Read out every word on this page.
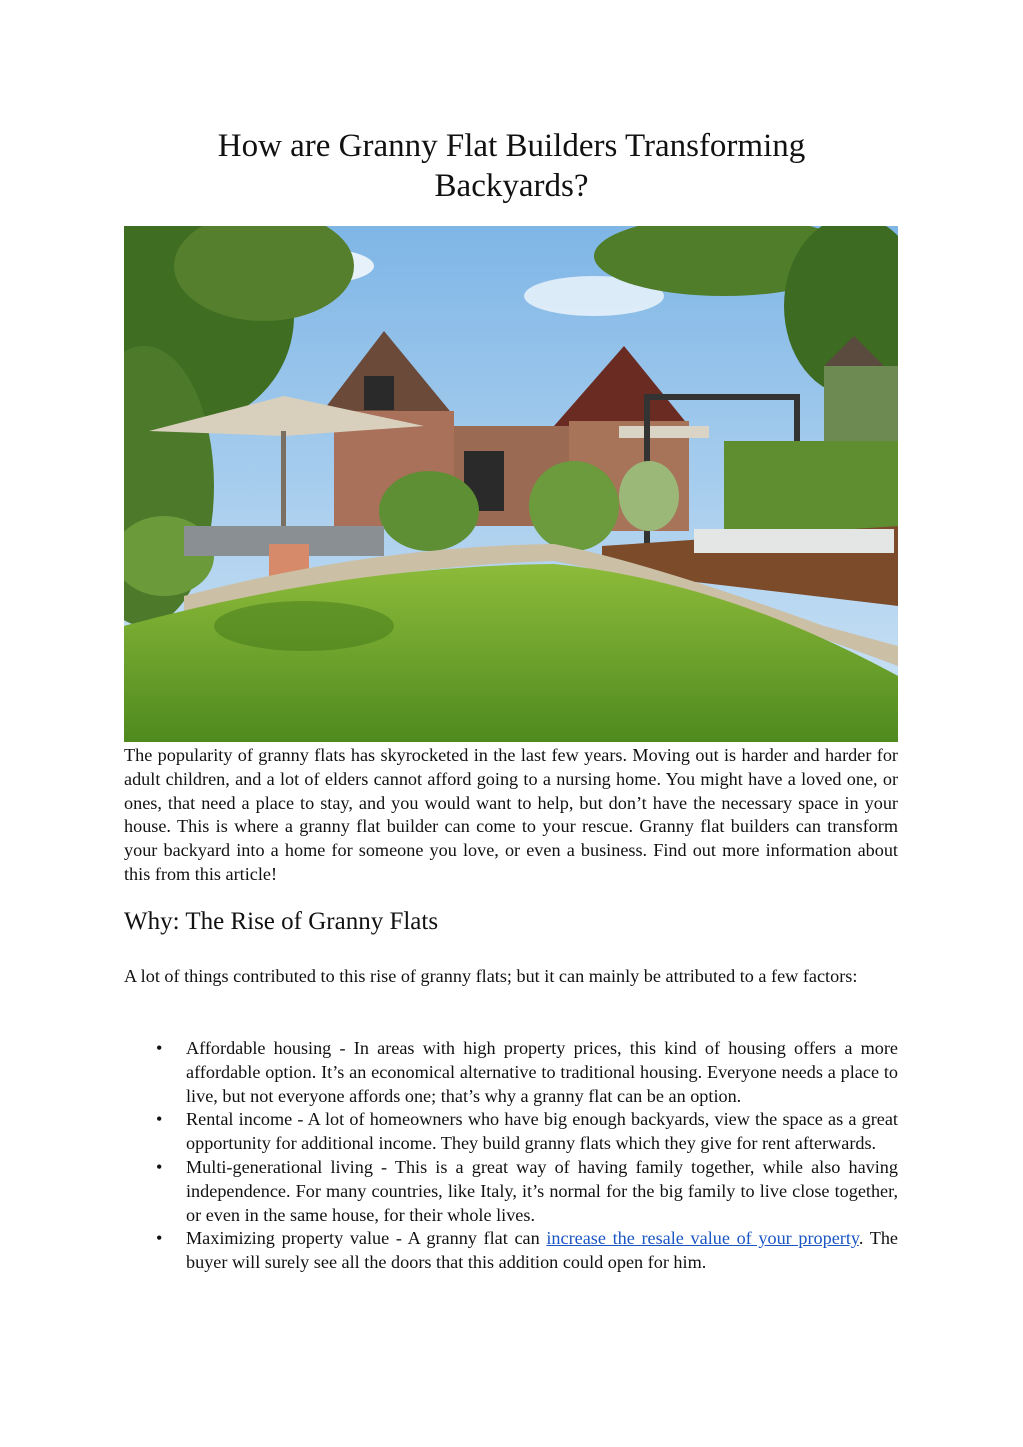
How are Granny Flat Builders Transforming Backyards?

The popularity of granny flats has skyrocketed in the last few years. Moving out is harder and harder for adult children, and a lot of elders cannot afford going to a nursing home. You might have a loved one, or ones, that need a place to stay, and you would want to help, but don’t have the necessary space in your house. This is where a granny flat builder can come to your rescue. Granny flat builders can transform your backyard into a home for someone you love, or even a business. Find out more information about this from this article!

Why: The Rise of Granny Flats

A lot of things contributed to this rise of granny flats; but it can mainly be attributed to a few factors:

• Affordable housing - In areas with high property prices, this kind of housing offers a more affordable option. It’s an economical alternative to traditional housing. Everyone needs a place to live, but not everyone affords one; that’s why a granny flat can be an option.
• Rental income - A lot of homeowners who have big enough backyards, view the space as a great opportunity for additional income. They build granny flats which they give for rent afterwards.
• Multi-generational living - This is a great way of having family together, while also having independence. For many countries, like Italy, it’s normal for the big family to live close together, or even in the same house, for their whole lives.
• Maximizing property value - A granny flat can increase the resale value of your property. The buyer will surely see all the doors that this addition could open for him.
